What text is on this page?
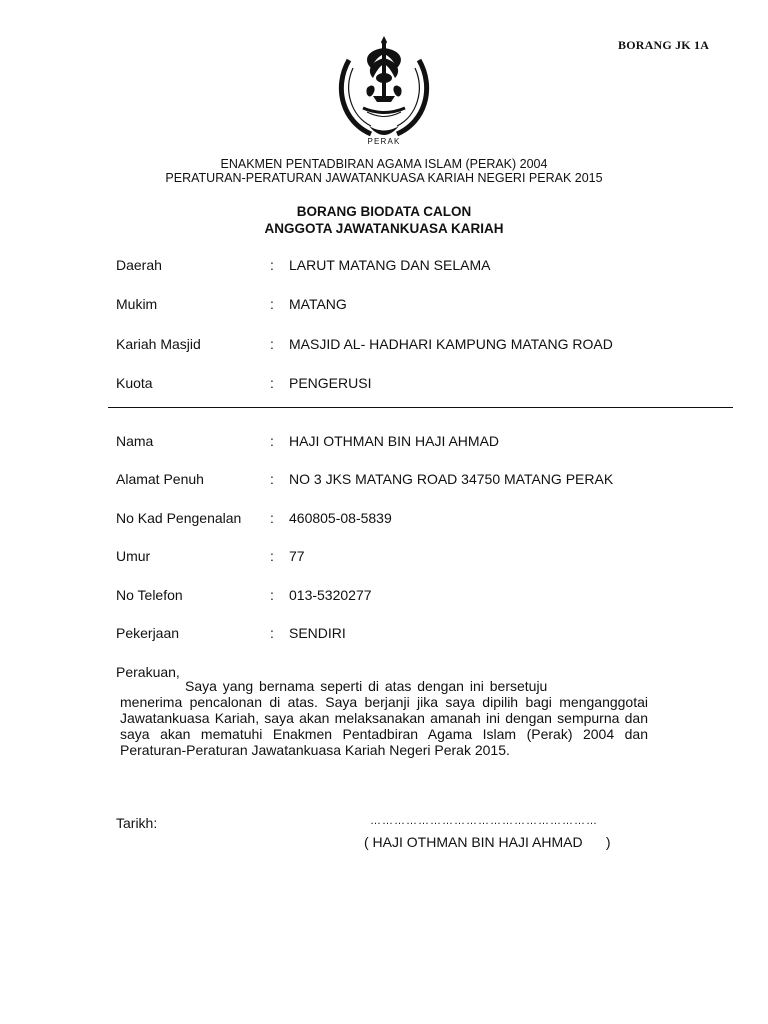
BORANG JK 1A
PERAK
ENAKMEN PENTADBIRAN AGAMA ISLAM (PERAK) 2004
PERATURAN-PERATURAN JAWATANKUASA KARIAH NEGERI PERAK 2015
BORANG BIODATA CALON
ANGGOTA JAWATANKUASA KARIAH
Daerah	: LARUT MATANG DAN SELAMA
Mukim	: MATANG
Kariah Masjid	: MASJID AL- HADHARI KAMPUNG MATANG ROAD
Kuota	: PENGERUSI
Nama	: HAJI OTHMAN BIN HAJI AHMAD
Alamat Penuh	: NO 3 JKS MATANG ROAD 34750 MATANG PERAK
No Kad Pengenalan : 460805-08-5839
Umur	: 77
No Telefon	: 013-5320277
Pekerjaan	: SENDIRI
Perakuan,
Saya yang bernama seperti di atas dengan ini bersetuju
menerima pencalonan di atas. Saya berjanji jika saya dipilih bagi menganggotai Jawatankuasa Kariah, saya akan melaksanakan amanah ini dengan sempurna dan saya akan mematuhi Enakmen Pentadbiran Agama Islam (Perak) 2004 dan Peraturan-Peraturan Jawatankuasa Kariah Negeri Perak 2015.
Tarikh:	…………………………………………………
( HAJI OTHMAN BIN HAJI AHMAD      )
